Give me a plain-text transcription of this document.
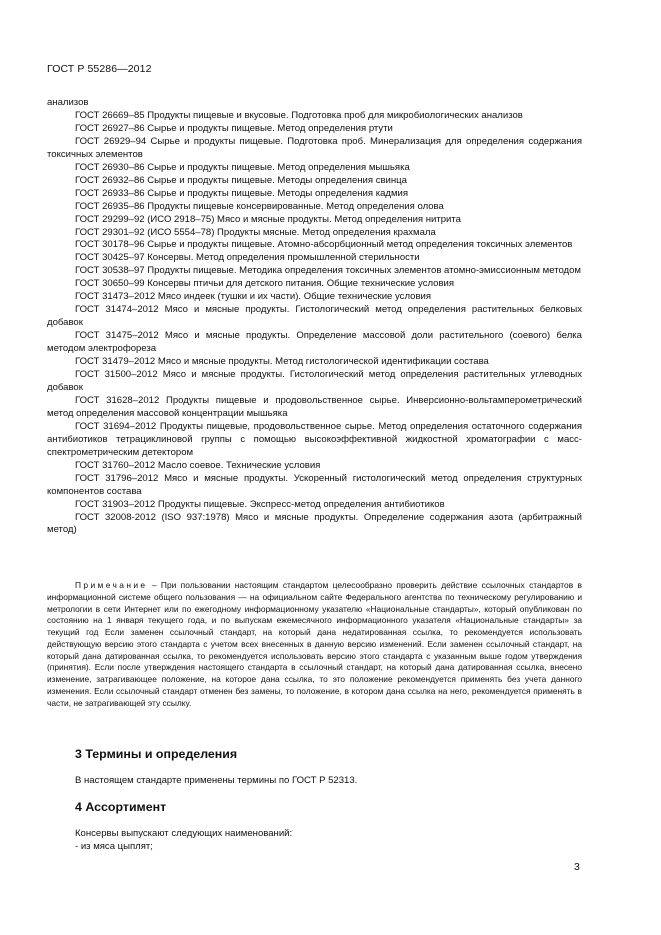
ГОСТ Р 55286—2012

анализов

ГОСТ 26669–85 Продукты пищевые и вкусовые. Подготовка проб для микробиологических анализов

ГОСТ 26927–86 Сырье и продукты пищевые. Метод определения ртути

ГОСТ 26929–94 Сырье и продукты пищевые. Подготовка проб. Минерализация для определения содержания токсичных элементов

ГОСТ 26930–86 Сырье и продукты пищевые. Метод определения мышьяка

ГОСТ 26932–86 Сырье и продукты пищевые. Методы определения свинца

ГОСТ 26933–86 Сырье и продукты пищевые. Методы определения кадмия

ГОСТ 26935–86 Продукты пищевые консервированные. Метод определения олова

ГОСТ 29299–92 (ИСО 2918–75) Мясо и мясные продукты. Метод определения нитрита

ГОСТ 29301–92 (ИСО 5554–78) Продукты мясные. Метод определения крахмала

ГОСТ 30178–96 Сырье и продукты пищевые. Атомно-абсорбционный метод определения токсичных элементов

ГОСТ 30425–97 Консервы. Метод определения промышленной стерильности

ГОСТ 30538–97 Продукты пищевые. Методика определения токсичных элементов атомно-эмиссионным методом

ГОСТ 30650–99 Консервы птичьи для детского питания. Общие технические условия

ГОСТ 31473–2012 Мясо индеек (тушки и их части). Общие технические условия

ГОСТ 31474–2012 Мясо и мясные продукты. Гистологический метод определения растительных белковых добавок

ГОСТ 31475–2012 Мясо и мясные продукты. Определение массовой доли растительного (соевого) белка методом электрофореза

ГОСТ 31479–2012 Мясо и мясные продукты. Метод гистологической идентификации состава

ГОСТ 31500–2012 Мясо и мясные продукты. Гистологический метод определения растительных углеводных добавок

ГОСТ 31628–2012 Продукты пищевые и продовольственное сырье. Инверсионно-вольтамперометрический метод определения массовой концентрации мышьяка

ГОСТ 31694–2012 Продукты пищевые, продовольственное сырье. Метод определения остаточного содержания антибиотиков тетрациклиновой группы с помощью высокоэффективной жидкостной хроматографии с масс-спектрометрическим детектором

ГОСТ 31760–2012 Масло соевое. Технические условия

ГОСТ 31796–2012 Мясо и мясные продукты. Ускоренный гистологический метод определения структурных компонентов состава

ГОСТ 31903–2012 Продукты пищевые. Экспресс-метод определения антибиотиков

ГОСТ 32008-2012 (ISO 937:1978) Мясо и мясные продукты. Определение содержания азота (арбитражный метод)

Примечание – При пользовании настоящим стандартом целесообразно проверить действие ссылочных стандартов в информационной системе общего пользования — на официальном сайте Федерального агентства по техническому регулированию и метрологии в сети Интернет или по ежегодному информационному указателю «Национальные стандарты», который опубликован по состоянию на 1 января текущего года, и по выпускам ежемесячного информационного указателя «Национальные стандарты» за текущий год Если заменен ссылочный стандарт, на который дана недатированная ссылка, то рекомендуется использовать действующую версию этого стандарта с учетом всех внесенных в данную версию изменений. Если заменен ссылочный стандарт, на который дана датированная ссылка, то рекомендуется использовать версию этого стандарта с указанным выше годом утверждения (принятия). Если после утверждения настоящего стандарта в ссылочный стандарт, на который дана датированная ссылка, внесено изменение, затрагивающее положение, на которое дана ссылка, то это положение рекомендуется применять без учета данного изменения. Если ссылочный стандарт отменен без замены, то положение, в котором дана ссылка на него, рекомендуется применять в части, не затрагивающей эту ссылку.

3 Термины и определения
В настоящем стандарте применены термины по ГОСТ Р 52313.
4 Ассортимент
Консервы выпускают следующих наименований:
- из мяса цыплят;
3
